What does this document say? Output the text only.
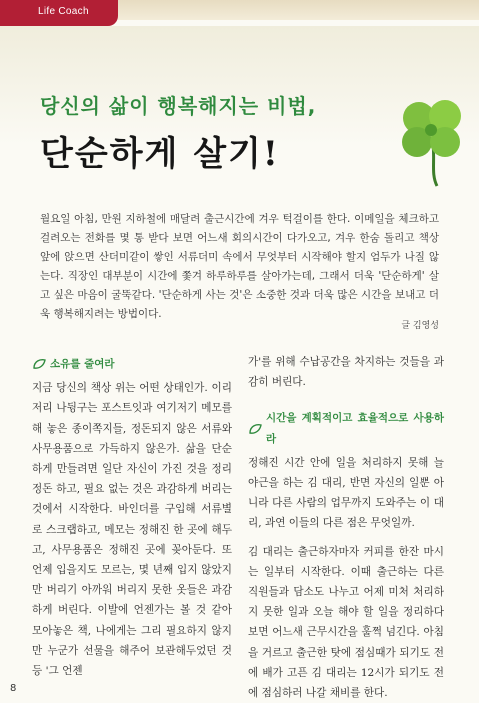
Life Coach
당신의 삶이 행복해지는 비법,
단순하게 살기!
월요일 아침, 만원 지하철에 매달려 출근시간에 겨우 턱걸이를 한다. 이메일을 체크하고 걸려오는 전화를 몇 통 받다 보면 어느새 회의시간이 다가오고, 겨우 한숨 돌리고 책상 앞에 앉으면 산더미같이 쌓인 서류더미 속에서 무엇부터 시작해야 할지 엄두가 나질 않는다. 직장인 대부분이 시간에 쫓겨 하루하루를 살아가는데, 그래서 더욱 '단순하게' 살고 싶은 마음이 굴뚝같다. '단순하게 사는 것'은 소중한 것과 더욱 많은 시간을 보내고 더욱 행복해지려는 방법이다.
글 김영성
소유를 줄여라

지금 당신의 책상 위는 어떤 상태인가. 이리저리 나뒹구는 포스트잇과 여기저기 메모를 해 놓은 종이쪽지들, 정돈되지 않은 서류와 사무용품으로 가득하지 않은가. 삶을 단순하게 만들려면 일단 자신이 가진 것을 정리정돈 하고, 필요 없는 것은 과감하게 버리는 것에서 시작한다. 바인더를 구입해 서류별로 스크랩하고, 메모는 정해진 한 곳에 해두고, 사무용품은 정해진 곳에 꽂아둔다. 또 언제 입을지도 모르는, 몇 년째 입지 않았지만 버리기 아까워 버리지 못한 옷들은 과감하게 버린다. 이발에 언젠가는 볼 것 같아 모아놓은 책, 나에게는 그리 필요하지 않지만 누군가 선물을 해주어 보관해두었던 것 등 '그 언젠

가'를 위해 수납공간을 차지하는 것들을 과감히 버린다.

시간을 계획적이고 효율적으로 사용하라

정해진 시간 안에 일을 처리하지 못해 늘 야근을 하는 김 대리, 반면 자신의 일뿐 아니라 다른 사람의 업무까지 도와주는 이 대리, 과연 이들의 다른 점은 무엇일까.

김 대리는 출근하자마자 커피를 한잔 마시는 일부터 시작한다. 이때 출근하는 다른 직원들과 담소도 나누고 어제 미처 처리하지 못한 일과 오늘 해야 할 일을 정리하다 보면 어느새 근무시간을 훌쩍 넘긴다. 아침을 거르고 출근한 탓에 점심때가 되기도 전에 배가 고픈 김 대리는 12시가 되기도 전에 점심하러 나갈 채비를 한다.

8
